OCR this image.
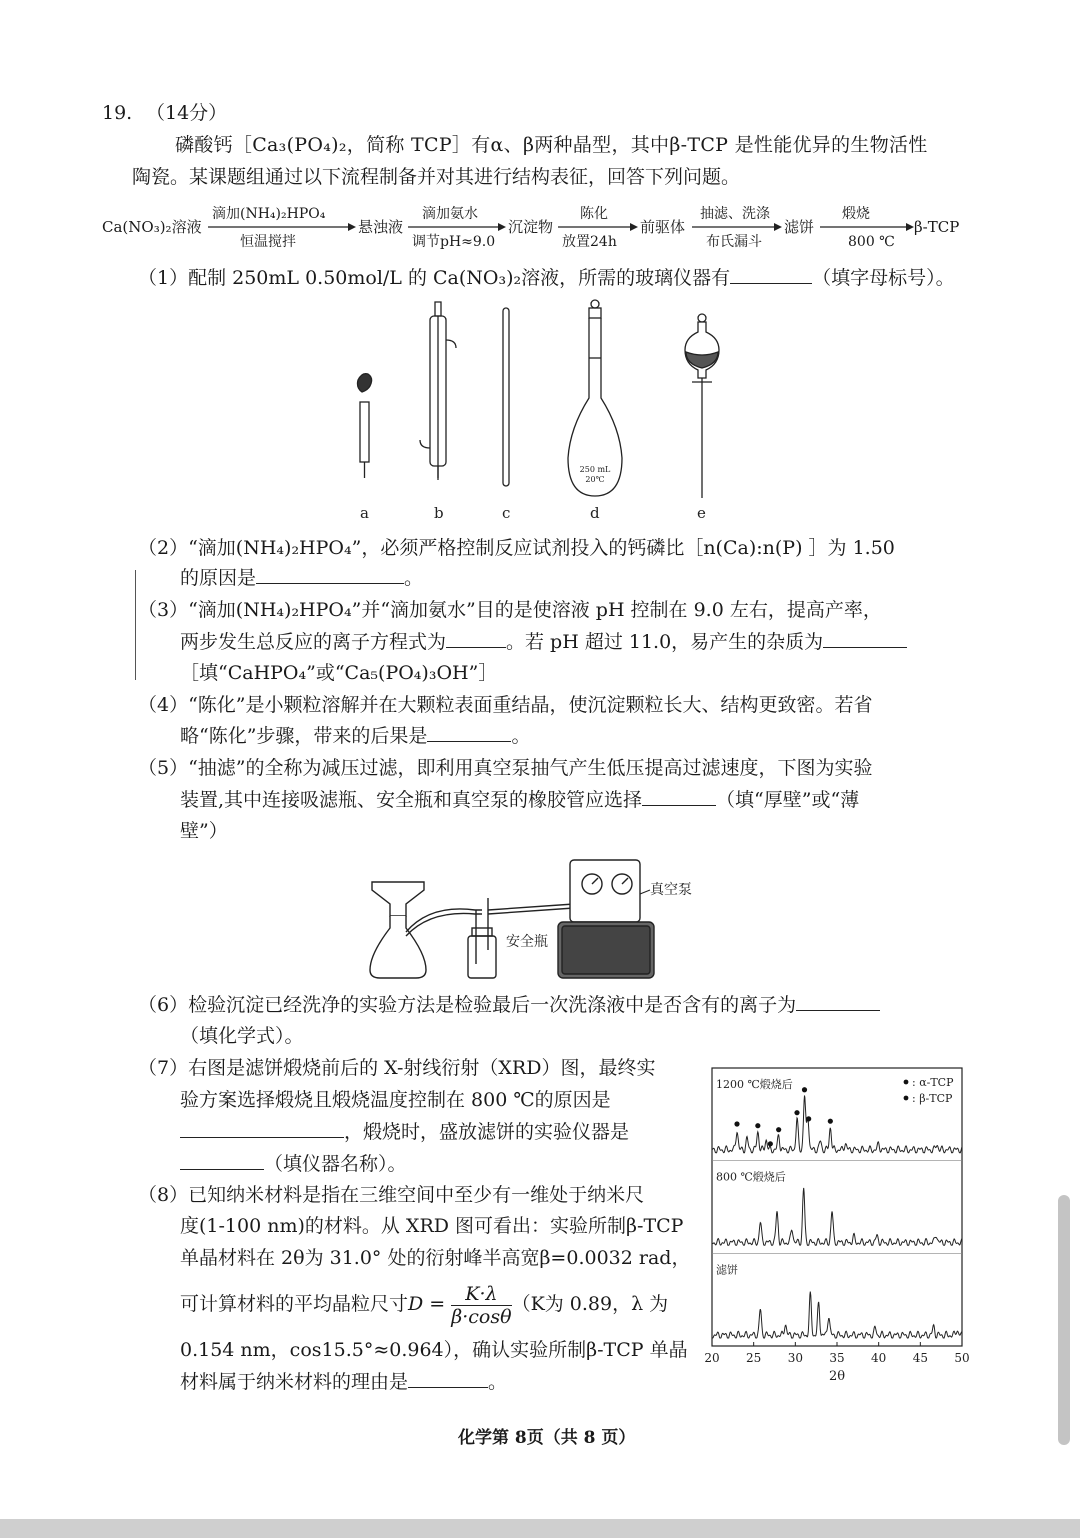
19. （14分）
磷酸钙［Ca₃(PO₄)₂，简称 TCP］有α、β两种晶型，其中β-TCP 是性能优异的生物活性
陶瓷。某课题组通过以下流程制备并对其进行结构表征，回答下列问题。
Ca(NO₃)₂溶液
滴加(NH₄)₂HPO₄
恒温搅拌
悬浊液
滴加氨水
调节pH≈9.0
沉淀物
陈化
放置24h
前驱体
抽滤、洗涤
布氏漏斗
滤饼
煅烧
800 ℃
β-TCP
（1）配制 250mL 0.50mol/L 的 Ca(NO₃)₂溶液，所需的玻璃仪器有	（填字母标号）。
250 mL
20℃
a	b	c	d	e
（2）“滴加(NH₄)₂HPO₄”，必须严格控制反应试剂投入的钙磷比［n(Ca):n(P) ］为 1.50
的原因是	。
（3）“滴加(NH₄)₂HPO₄”并“滴加氨水”目的是使溶液 pH 控制在 9.0 左右，提高产率，
两步发生总反应的离子方程式为	。若 pH 超过 11.0，易产生的杂质为
［填“CaHPO₄”或“Ca₅(PO₄)₃OH”］
（4）“陈化”是小颗粒溶解并在大颗粒表面重结晶，使沉淀颗粒长大、结构更致密。若省
略“陈化”步骤，带来的后果是	。
（5）“抽滤”的全称为减压过滤，即利用真空泵抽气产生低压提高过滤速度，下图为实验
装置,其中连接吸滤瓶、安全瓶和真空泵的橡胶管应选择	（填“厚壁”或“薄
壁”）
真空泵
安全瓶
（6）检验沉淀已经洗净的实验方法是检验最后一次洗涤液中是否含有的离子为
（填化学式）。
（7）右图是滤饼煅烧前后的 X-射线衍射（XRD）图，最终实
验方案选择煅烧且煅烧温度控制在 800 ℃的原因是
，煅烧时，盛放滤饼的实验仪器是
（填仪器名称）。
（8）已知纳米材料是指在三维空间中至少有一维处于纳米尺
度(1-100 nm)的材料。从 XRD 图可看出：实验所制β-TCP
单晶材料在 2θ为 31.0° 处的衍射峰半高宽β=0.0032 rad，
可计算材料的平均晶粒尺寸$D = \frac{K\cdot\lambda}{\beta\cdot\cos\theta} (K$为 0.89，λ 为
0.154 nm，cos15.5°≈0.964），确认实验所制β-TCP 单晶
材料属于纳米材料的理由是	。
1200 ℃煅烧后
800 ℃煅烧后
滤饼
: α-TCP
: β-TCP
20 25 30 35 40 45 50
2θ
化学第 8页（共 8 页）
